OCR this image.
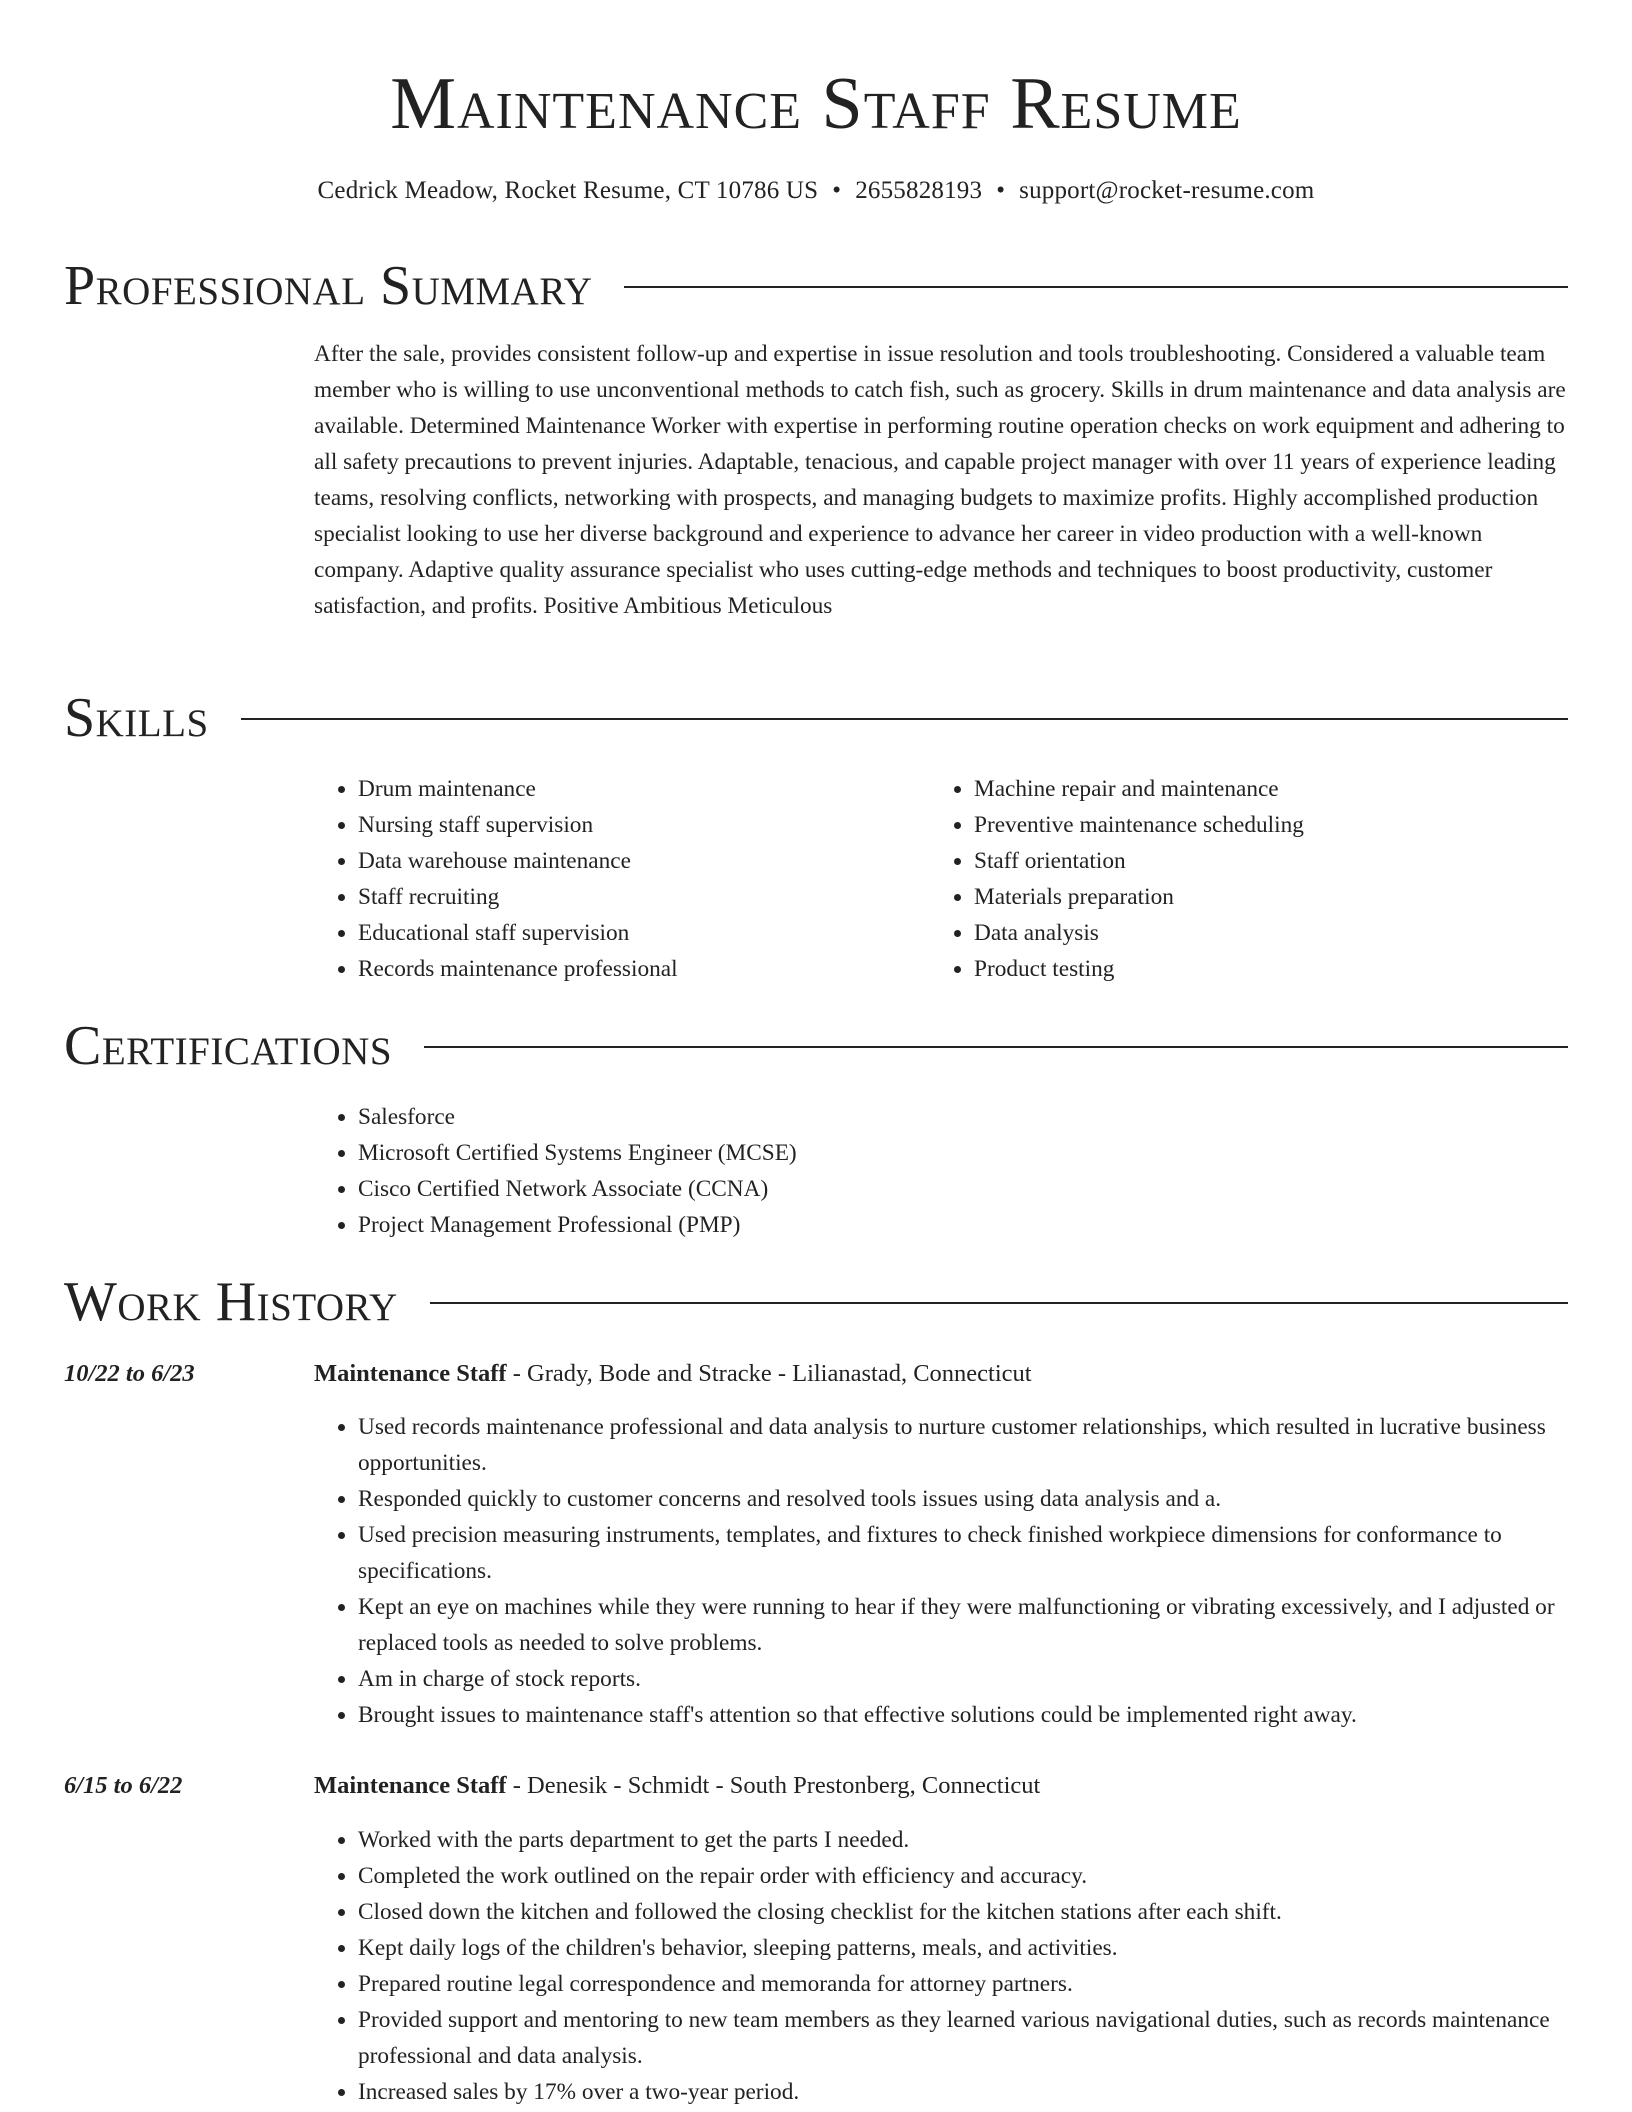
Maintenance Staff Resume
Cedrick Meadow, Rocket Resume, CT 10786 US • 2655828193 • support@rocket-resume.com
Professional Summary

After the sale, provides consistent follow-up and expertise in issue resolution and tools troubleshooting. Considered a valuable team member who is willing to use unconventional methods to catch fish, such as grocery. Skills in drum maintenance and data analysis are available. Determined Maintenance Worker with expertise in performing routine operation checks on work equipment and adhering to all safety precautions to prevent injuries. Adaptable, tenacious, and capable project manager with over 11 years of experience leading teams, resolving conflicts, networking with prospects, and managing budgets to maximize profits. Highly accomplished production specialist looking to use her diverse background and experience to advance her career in video production with a well-known company. Adaptive quality assurance specialist who uses cutting-edge methods and techniques to boost productivity, customer satisfaction, and profits. Positive Ambitious Meticulous

Skills
• Drum maintenance
• Nursing staff supervision
• Data warehouse maintenance
• Staff recruiting
• Educational staff supervision
• Records maintenance professional
• Machine repair and maintenance
• Preventive maintenance scheduling
• Staff orientation
• Materials preparation
• Data analysis
• Product testing
Certifications
• Salesforce
• Microsoft Certified Systems Engineer (MCSE)
• Cisco Certified Network Associate (CCNA)
• Project Management Professional (PMP)
Work History
10/22 to 6/23	Maintenance Staff - Grady, Bode and Stracke - Lilianastad, Connecticut
• Used records maintenance professional and data analysis to nurture customer relationships, which resulted in lucrative business opportunities.
• Responded quickly to customer concerns and resolved tools issues using data analysis and a.
• Used precision measuring instruments, templates, and fixtures to check finished workpiece dimensions for conformance to specifications.
• Kept an eye on machines while they were running to hear if they were malfunctioning or vibrating excessively, and I adjusted or replaced tools as needed to solve problems.
• Am in charge of stock reports.
• Brought issues to maintenance staff's attention so that effective solutions could be implemented right away.
6/15 to 6/22	Maintenance Staff - Denesik - Schmidt - South Prestonberg, Connecticut
• Worked with the parts department to get the parts I needed.
• Completed the work outlined on the repair order with efficiency and accuracy.
• Closed down the kitchen and followed the closing checklist for the kitchen stations after each shift.
• Kept daily logs of the children's behavior, sleeping patterns, meals, and activities.
• Prepared routine legal correspondence and memoranda for attorney partners.
• Provided support and mentoring to new team members as they learned various navigational duties, such as records maintenance professional and data analysis.
• Increased sales by 17% over a two-year period.
